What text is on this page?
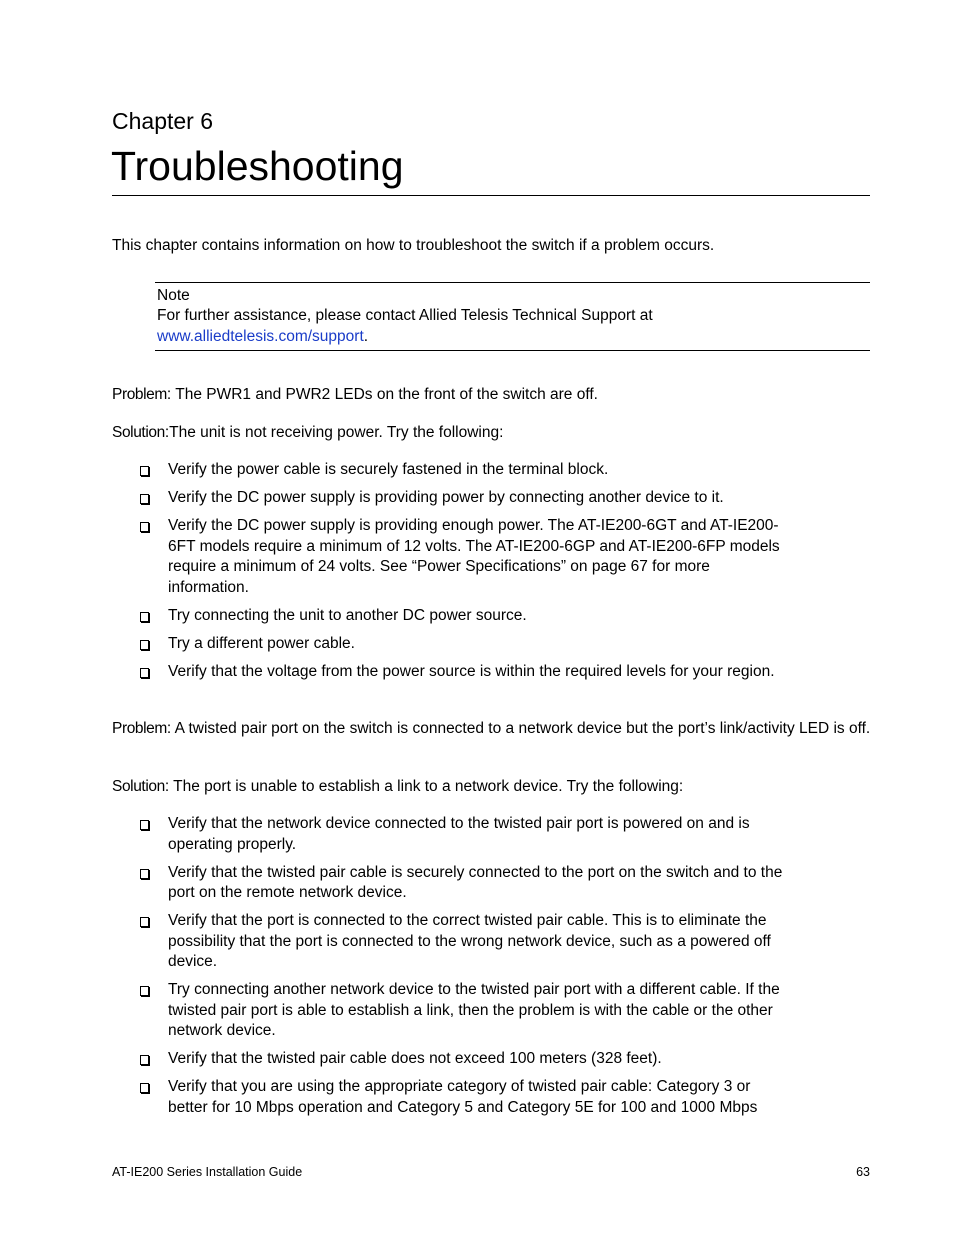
Chapter 6
Troubleshooting
This chapter contains information on how to troubleshoot the switch if a problem occurs.
Note
For further assistance, please contact Allied Telesis Technical Support at www.alliedtelesis.com/support.
Problem: The PWR1 and PWR2 LEDs on the front of the switch are off.
Solution:The unit is not receiving power. Try the following:
Verify the power cable is securely fastened in the terminal block.
Verify the DC power supply is providing power by connecting another device to it.
Verify the DC power supply is providing enough power. The AT-IE200-6GT and AT-IE200-6FT models require a minimum of 12 volts. The AT-IE200-6GP and AT-IE200-6FP models require a minimum of 24 volts. See “Power Specifications” on page 67 for more information.
Try connecting the unit to another DC power source.
Try a different power cable.
Verify that the voltage from the power source is within the required levels for your region.
Problem: A twisted pair port on the switch is connected to a network device but the port’s link/activity LED is off.
Solution: The port is unable to establish a link to a network device. Try the following:
Verify that the network device connected to the twisted pair port is powered on and is operating properly.
Verify that the twisted pair cable is securely connected to the port on the switch and to the port on the remote network device.
Verify that the port is connected to the correct twisted pair cable. This is to eliminate the possibility that the port is connected to the wrong network device, such as a powered off device.
Try connecting another network device to the twisted pair port with a different cable. If the twisted pair port is able to establish a link, then the problem is with the cable or the other network device.
Verify that the twisted pair cable does not exceed 100 meters (328 feet).
Verify that you are using the appropriate category of twisted pair cable: Category 3 or better for 10 Mbps operation and Category 5 and Category 5E for 100 and 1000 Mbps
AT-IE200 Series Installation Guide	63
